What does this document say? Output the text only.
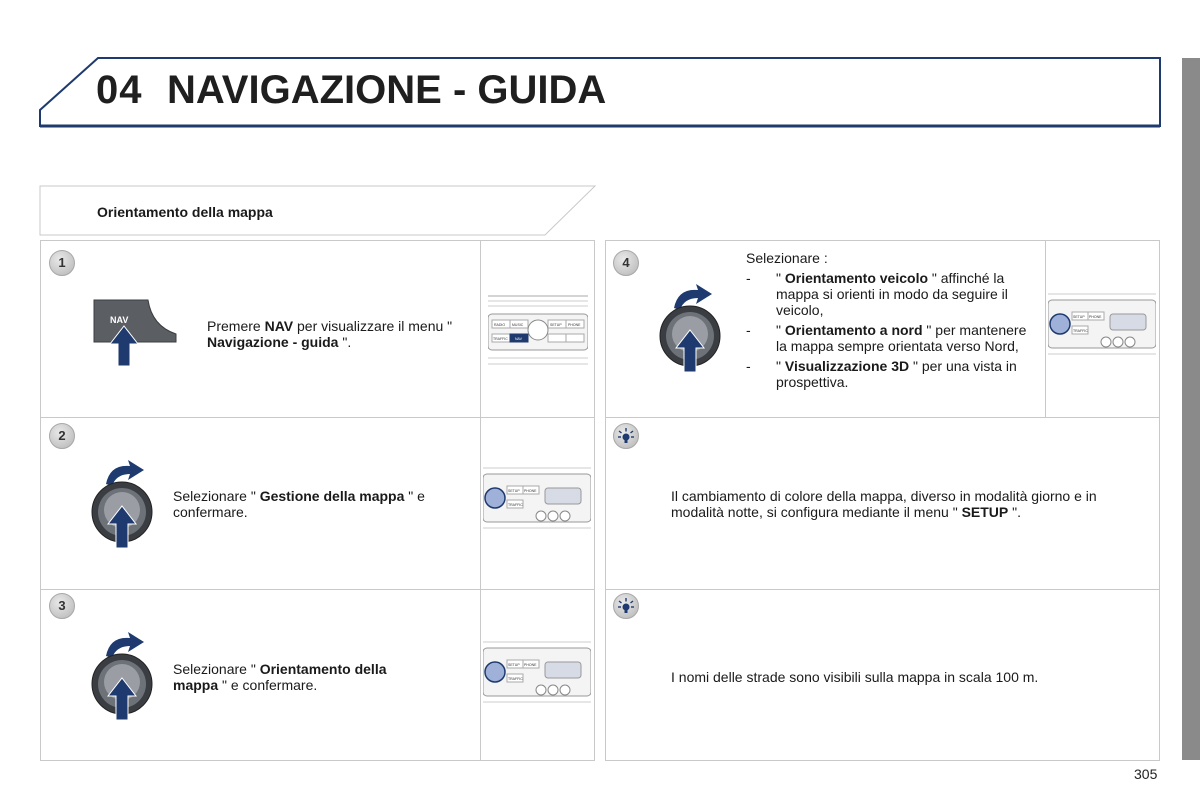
04 NAVIGAZIONE - GUIDA
Orientamento della mappa
1
NAV	Premere NAV per visualizzare il menu " Navigazione - guida ".
RADIO MUSIC	SETUP PHONE
TRAFFIC NAV
2
Selezionare " Gestione della mappa " e confermare.
SETUP PHONE
TRAFFIC
3
Selezionare " Orientamento della mappa " e confermare.
SETUP PHONE
TRAFFIC
4	Selezionare :
- " Orientamento veicolo " affinché la mappa si orienti in modo da seguire il veicolo,
- " Orientamento a nord " per mantenere la mappa sempre orientata verso Nord,
- " Visualizzazione 3D " per una vista in prospettiva.
SETUP PHONE
TRAFFIC
Il cambiamento di colore della mappa, diverso in modalità giorno e in modalità notte, si configura mediante il menu " SETUP ".
I nomi delle strade sono visibili sulla mappa in scala 100 m.
305
